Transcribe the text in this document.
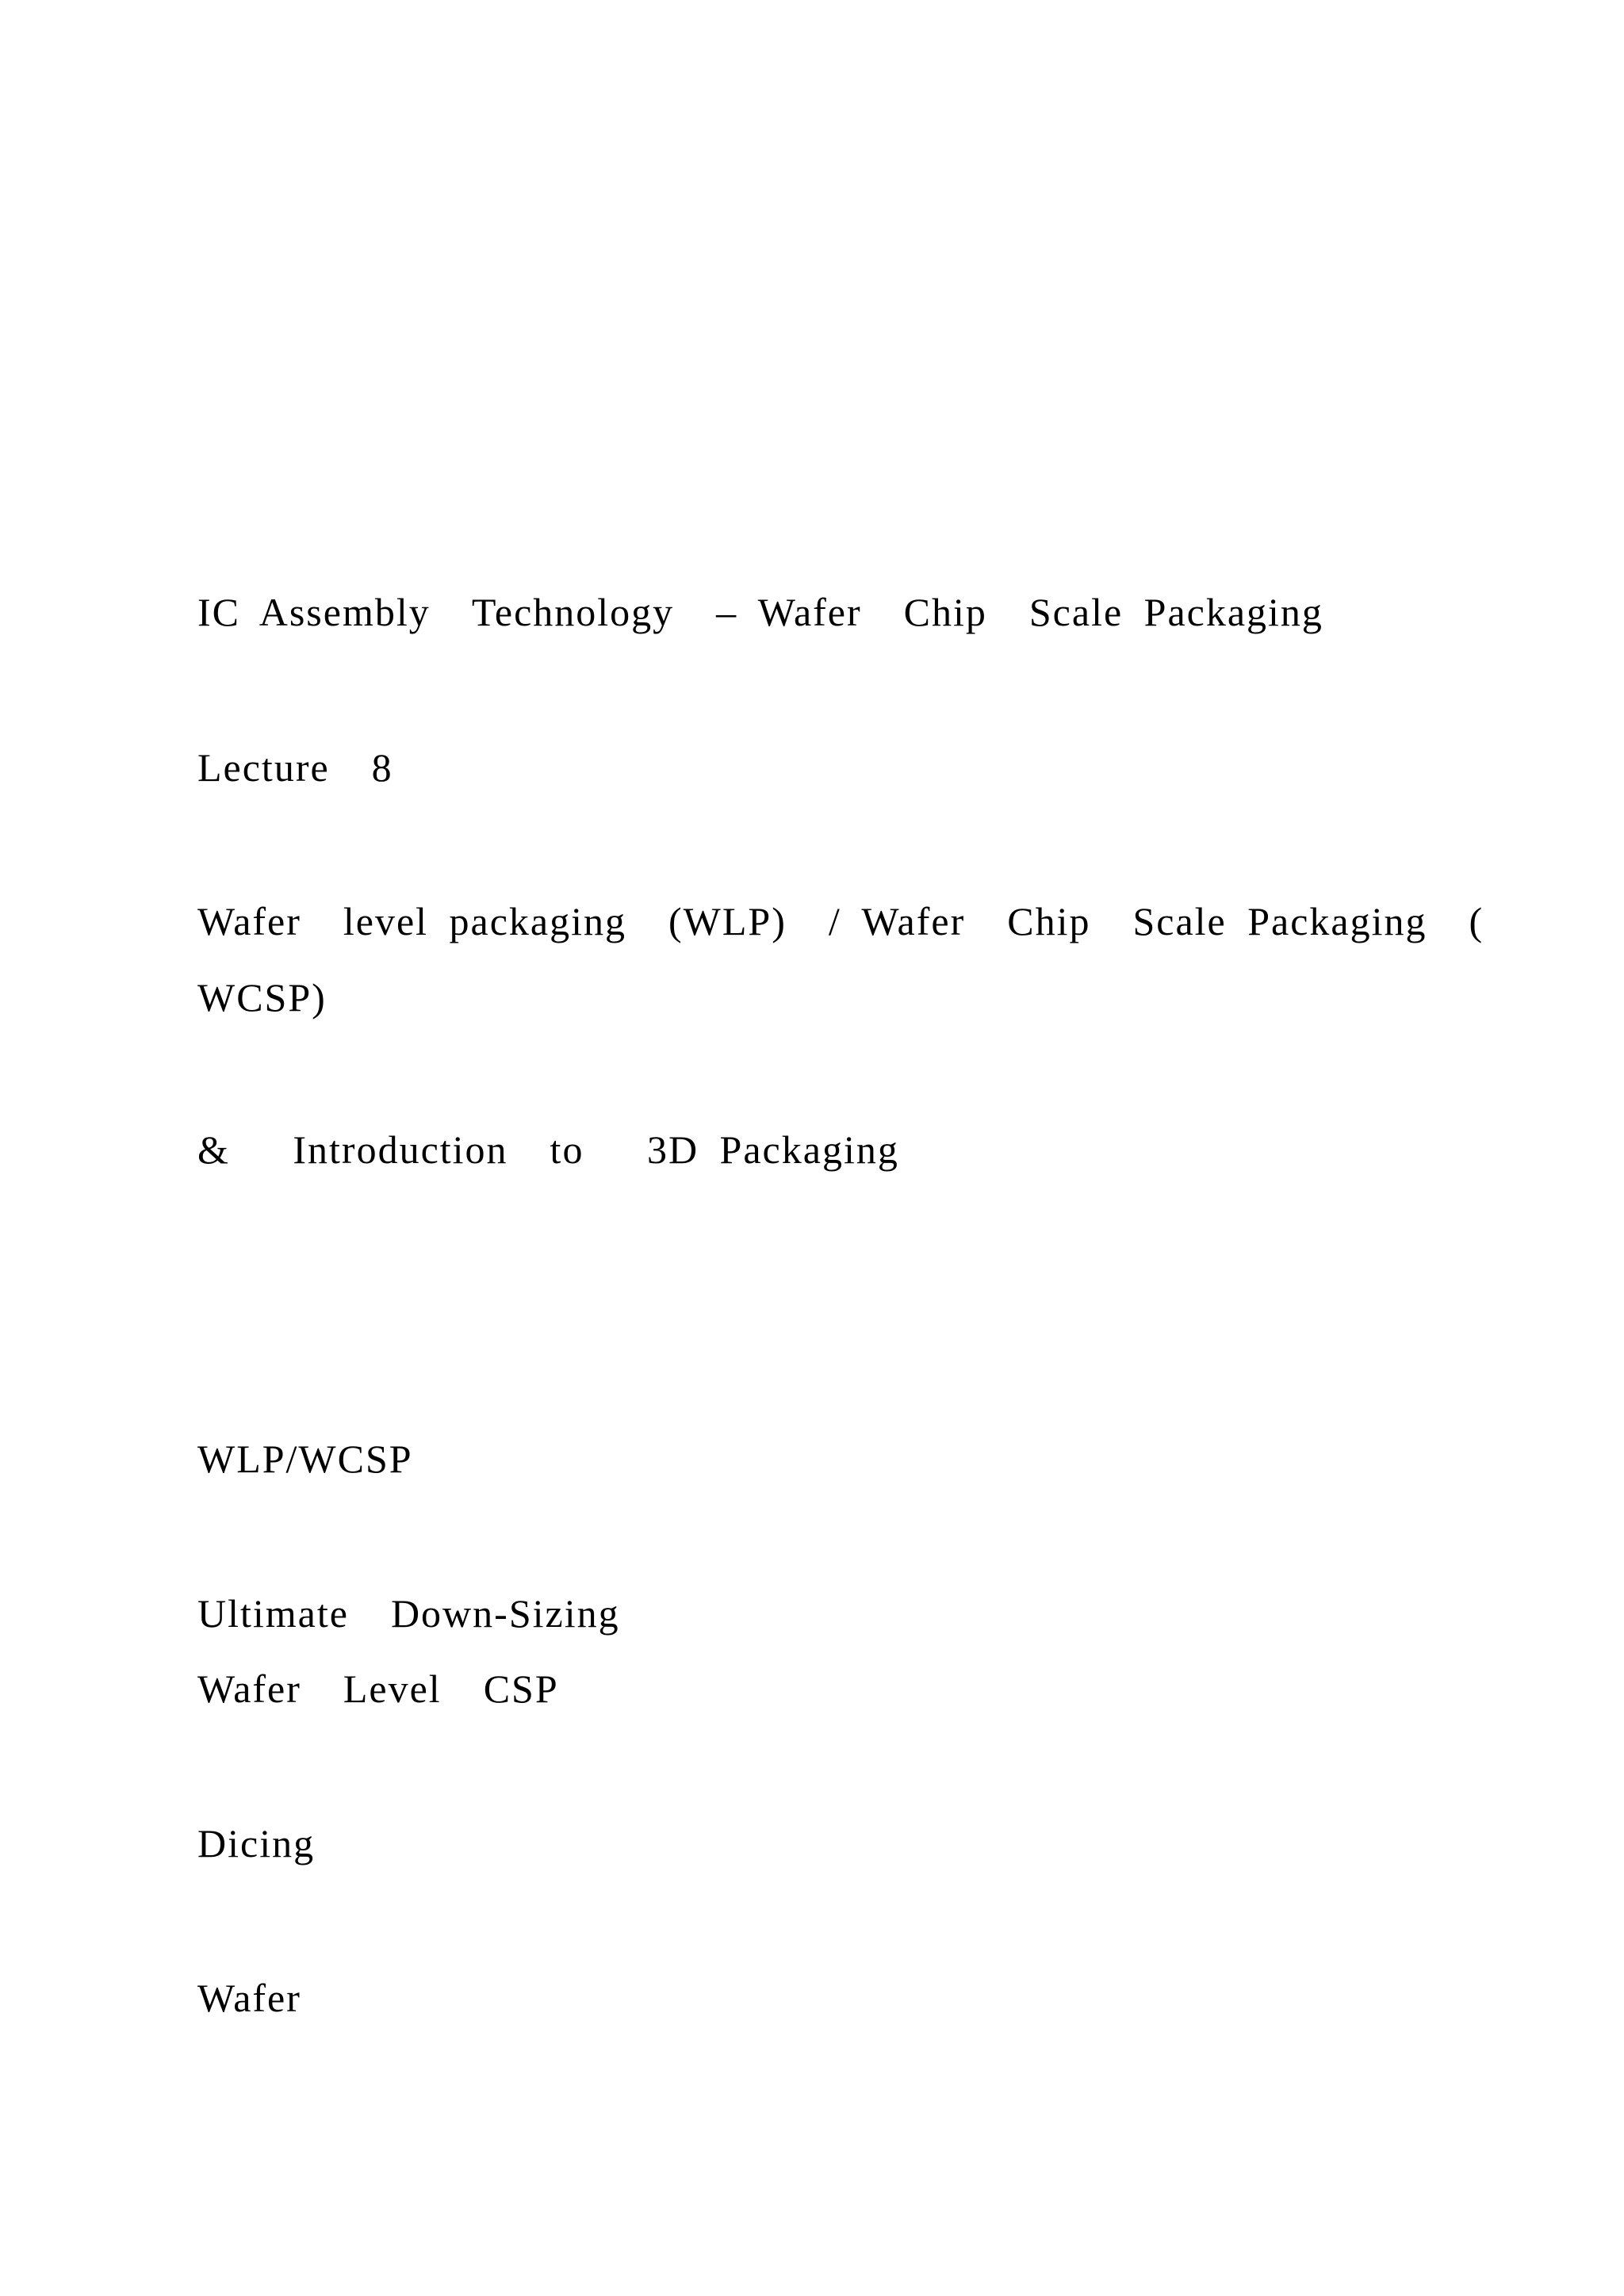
IC Assembly  Technology  – Wafer  Chip  Scale Packaging
Lecture  8
Wafer  level packaging  (WLP)  / Wafer  Chip  Scale Packaging  (
WCSP)
&   Introduction  to   3D Packaging
WLP/WCSP
Ultimate  Down-Sizing
Wafer  Level  CSP
Dicing
Wafer
